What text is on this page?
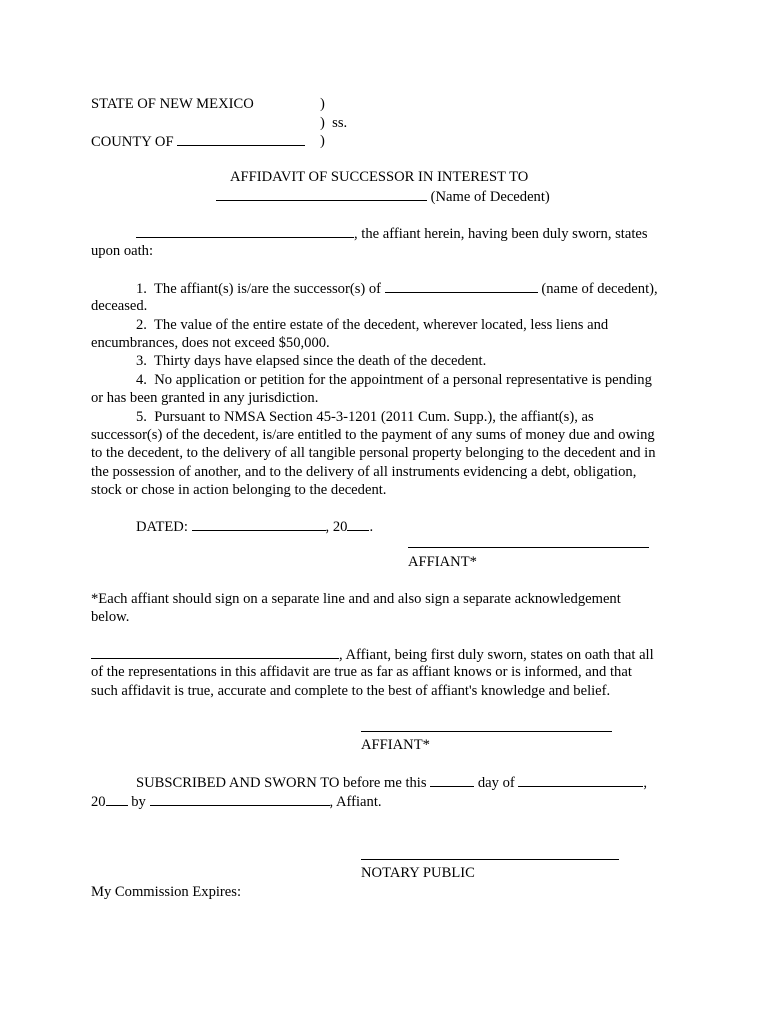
STATE OF NEW MEXICO	)
)  ss.
COUNTY OF	)
AFFIDAVIT OF SUCCESSOR IN INTEREST TO
(Name of Decedent)
, the affiant herein, having been duly sworn, states
upon oath:
1.  The affiant(s) is/are the successor(s) of	(name of decedent),
deceased.
2.  The value of the entire estate of the decedent, wherever located, less liens and
encumbrances, does not exceed $50,000.
3.  Thirty days have elapsed since the death of the decedent.
4.  No application or petition for the appointment of a personal representative is pending
or has been granted in any jurisdiction.
5.  Pursuant to NMSA Section 45-3-1201 (2011 Cum. Supp.), the affiant(s), as
successor(s) of the decedent, is/are entitled to the payment of any sums of money due and owing
to the decedent, to the delivery of all tangible personal property belonging to the decedent and in
the possession of another, and to the delivery of all instruments evidencing a debt, obligation,
stock or chose in action belonging to the decedent.
DATED:	, 20 .
AFFIANT*
*Each affiant should sign on a separate line and and also sign a separate acknowledgement
below.
, Affiant, being first duly sworn, states on oath that all
of the representations in this affidavit are true as far as affiant knows or is informed, and that
such affidavit is true, accurate and complete to the best of affiant's knowledge and belief.
AFFIANT*
SUBSCRIBED AND SWORN TO before me this	day of	,
20 by	, Affiant.
NOTARY PUBLIC
My Commission Expires:
